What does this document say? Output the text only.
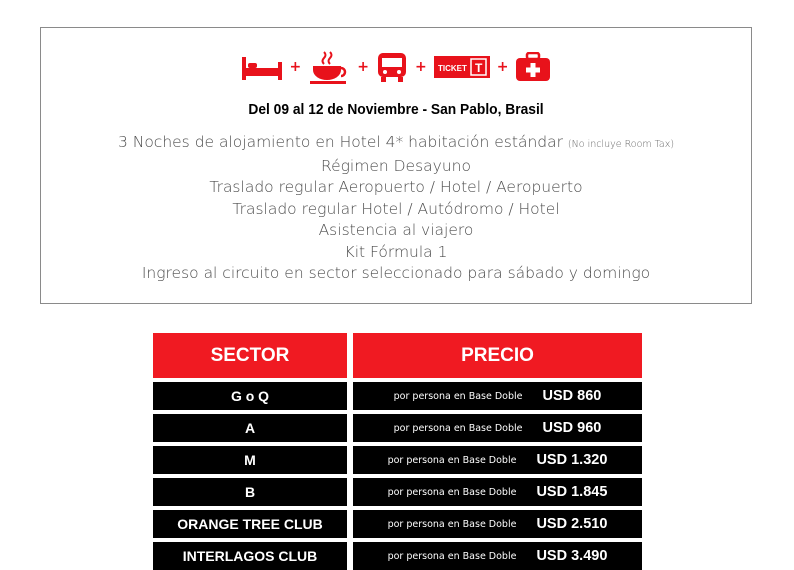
+	+	+ TICKET T +
Del 09 al 12 de Noviembre - San Pablo, Brasil
3 Noches de alojamiento en Hotel 4* habitación estándar (No incluye Room Tax)
Régimen Desayuno
Traslado regular Aeropuerto / Hotel / Aeropuerto
Traslado regular Hotel / Autódromo / Hotel
Asistencia al viajero
Kit Fórmula 1
Ingreso al circuito en sector seleccionado para sábado y domingo
SECTOR	PRECIO
G o Q	por persona en Base Doble USD 860
A	por persona en Base Doble USD 960
M	por persona en Base Doble USD 1.320
B	por persona en Base Doble USD 1.845
ORANGE TREE CLUB	por persona en Base Doble USD 2.510
INTERLAGOS CLUB	por persona en Base Doble USD 3.490
